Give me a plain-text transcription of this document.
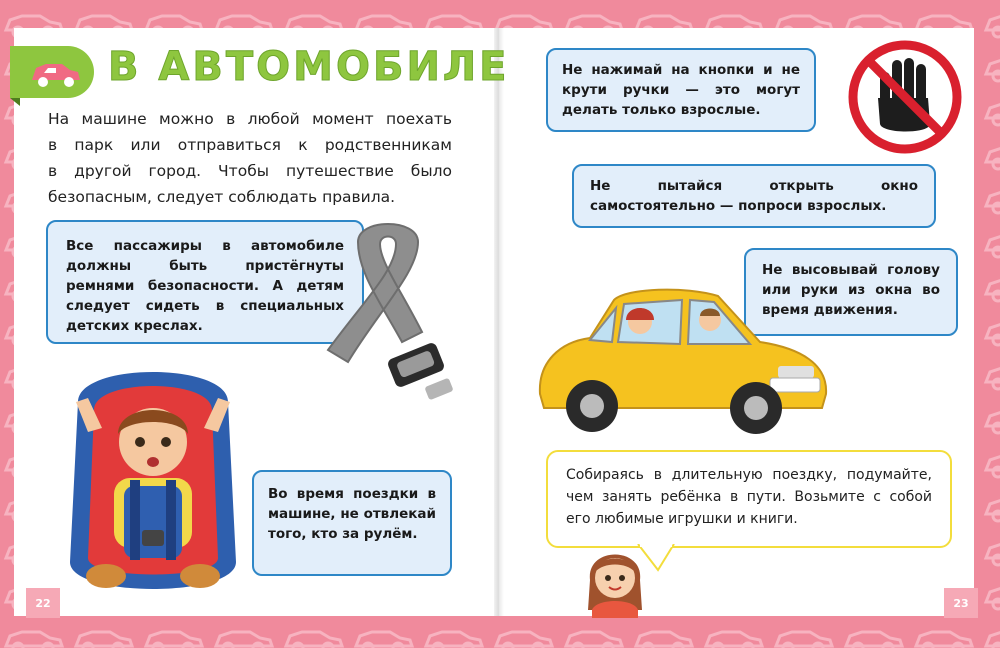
В АВТОМОБИЛЕ
На машине можно в любой момент поехать
в парк или отправиться к родственникам
в другой город. Чтобы путешествие было
безопасным, следует соблюдать правила.
Все пассажиры в автомобиле должны быть пристёгнуты ремнями безопасности. А детям следует сидеть в специальных детских креслах.
Во время поездки в машине, не отвлекай того, кто за рулём.
Не нажимай на кнопки и не крути ручки — это могут делать только взрослые.
Не пытайся открыть окно самостоятельно — попроси взрослых.
Не высовывай голову или руки из окна во время движения.
Собираясь в длительную поездку, подумайте, чем занять ребёнка в пути. Возьмите с собой его любимые игрушки и книги.
22	23
